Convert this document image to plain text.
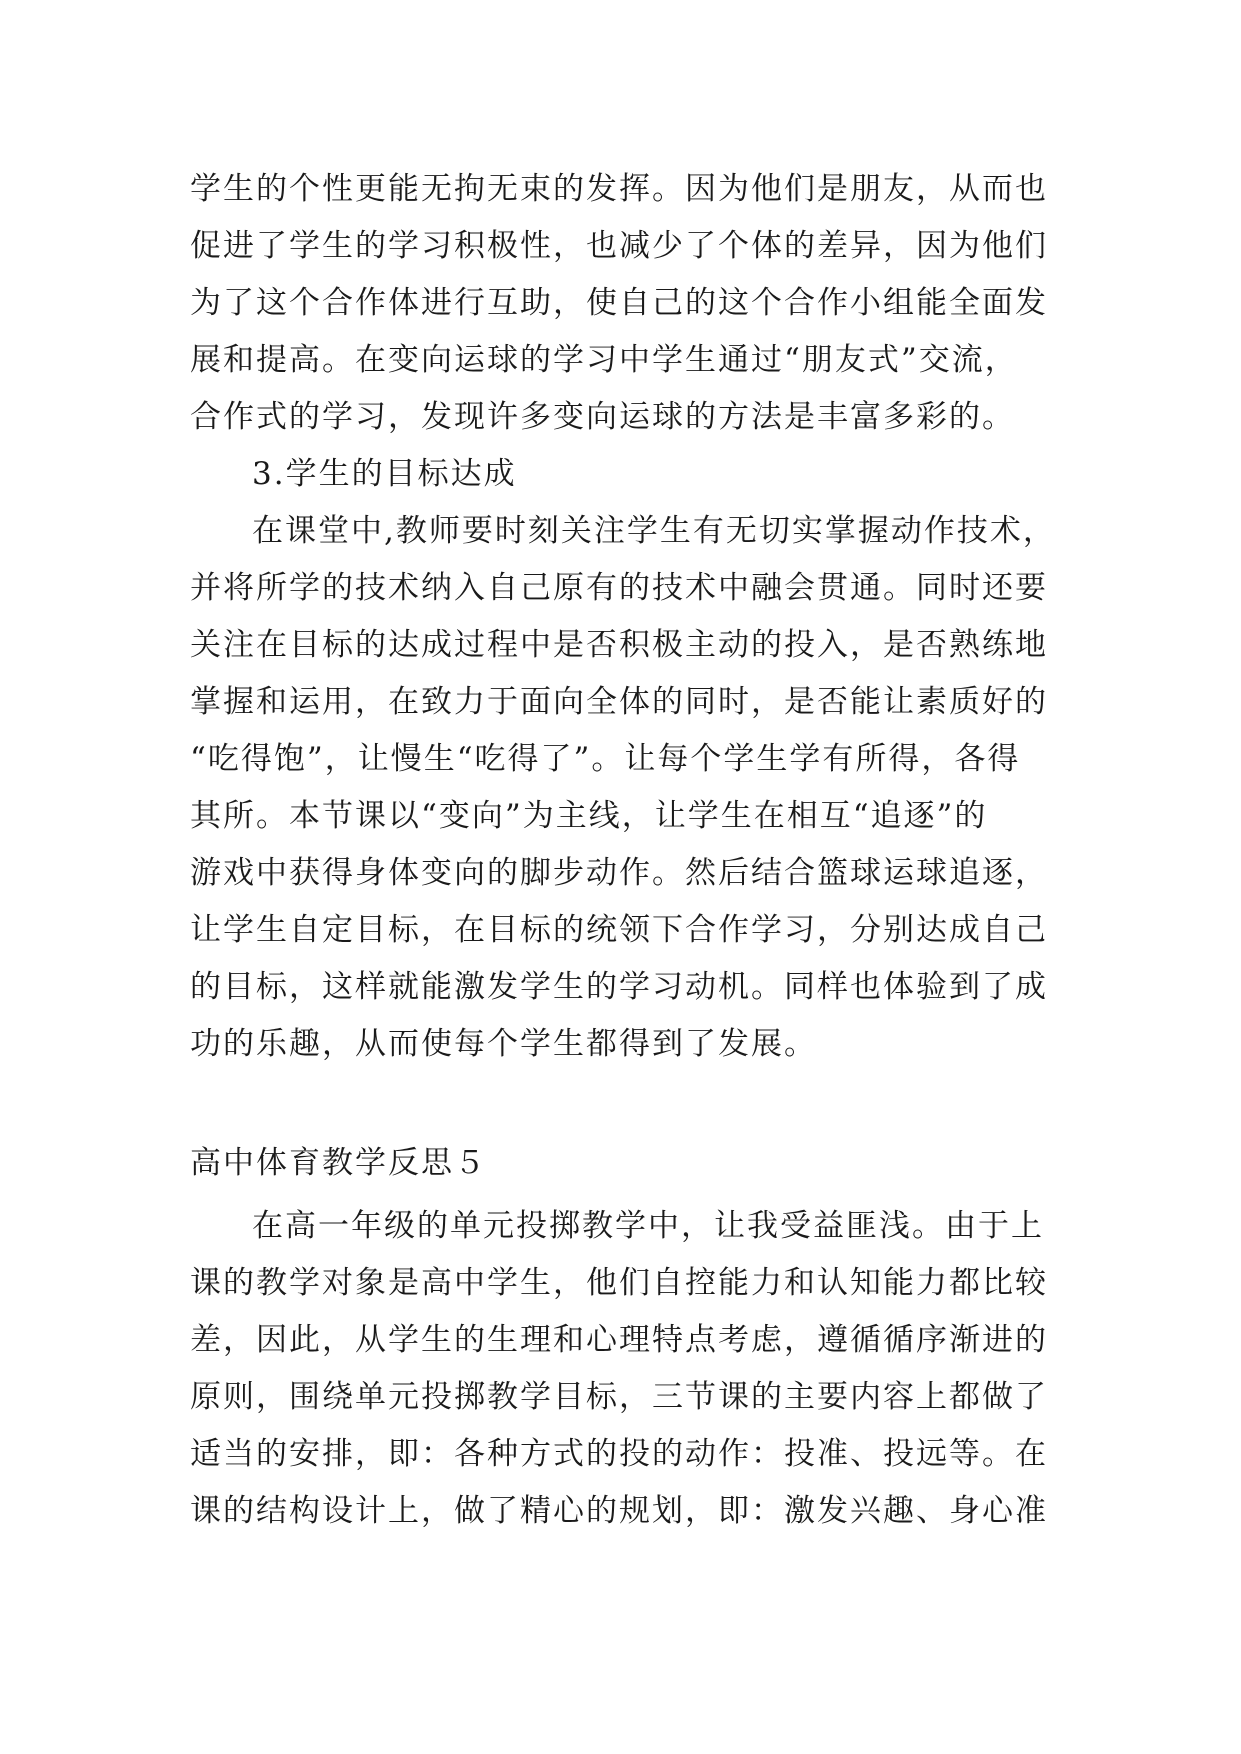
学生的个性更能无拘无束的发挥。因为他们是朋友，从而也
促进了学生的学习积极性，也减少了个体的差异，因为他们
为了这个合作体进行互助，使自己的这个合作小组能全面发
展和提高。在变向运球的学习中学生通过“朋友式”交流，
合作式的学习，发现许多变向运球的方法是丰富多彩的。
3.学生的目标达成
在课堂中,教师要时刻关注学生有无切实掌握动作技术，
并将所学的技术纳入自己原有的技术中融会贯通。同时还要
关注在目标的达成过程中是否积极主动的投入，是否熟练地
掌握和运用，在致力于面向全体的同时，是否能让素质好的
“吃得饱”，让慢生“吃得了”。让每个学生学有所得，各得
其所。本节课以“变向”为主线，让学生在相互“追逐”的
游戏中获得身体变向的脚步动作。然后结合篮球运球追逐，
让学生自定目标，在目标的统领下合作学习，分别达成自己
的目标，这样就能激发学生的学习动机。同样也体验到了成
功的乐趣，从而使每个学生都得到了发展。
高中体育教学反思５
在高一年级的单元投掷教学中，让我受益匪浅。由于上
课的教学对象是高中学生，他们自控能力和认知能力都比较
差，因此，从学生的生理和心理特点考虑，遵循循序渐进的
原则，围绕单元投掷教学目标，三节课的主要内容上都做了
适当的安排，即：各种方式的投的动作：投准、投远等。在
课的结构设计上，做了精心的规划，即：激发兴趣、身心准
